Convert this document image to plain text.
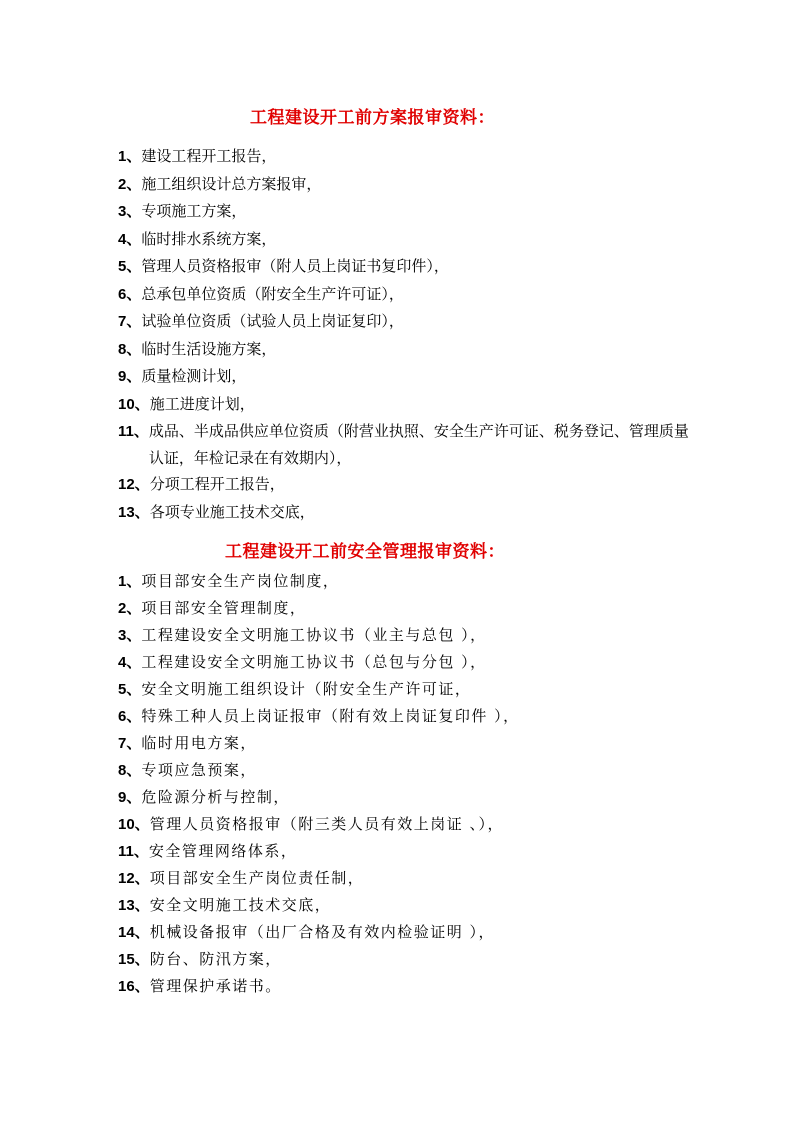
工程建设开工前方案报审资料：
1、建设工程开工报告，
2、施工组织设计总方案报审，
3、专项施工方案，
4、临时排水系统方案，
5、管理人员资格报审（附人员上岗证书复印件），
6、总承包单位资质（附安全生产许可证），
7、试验单位资质（试验人员上岗证复印），
8、临时生活设施方案，
9、质量检测计划，
10、施工进度计划，
11、成品、半成品供应单位资质（附营业执照、安全生产许可证、税务登记、管理质量认证，年检记录在有效期内），
12、分项工程开工报告，
13、各项专业施工技术交底，
工程建设开工前安全管理报审资料：
1、项目部安全生产岗位制度，
2、项目部安全管理制度，
3、工程建设安全文明施工协议书（业主与总包 ），
4、工程建设安全文明施工协议书（总包与分包 ），
5、安全文明施工组织设计（附安全生产许可证，
6、特殊工种人员上岗证报审（附有效上岗证复印件 ），
7、临时用电方案，
8、专项应急预案，
9、危险源分析与控制，
10、管理人员资格报审（附三类人员有效上岗证 、），
11、安全管理网络体系，
12、项目部安全生产岗位责任制，
13、安全文明施工技术交底，
14、机械设备报审（出厂合格及有效内检验证明 ），
15、防台、防汛方案，
16、管理保护承诺书。
